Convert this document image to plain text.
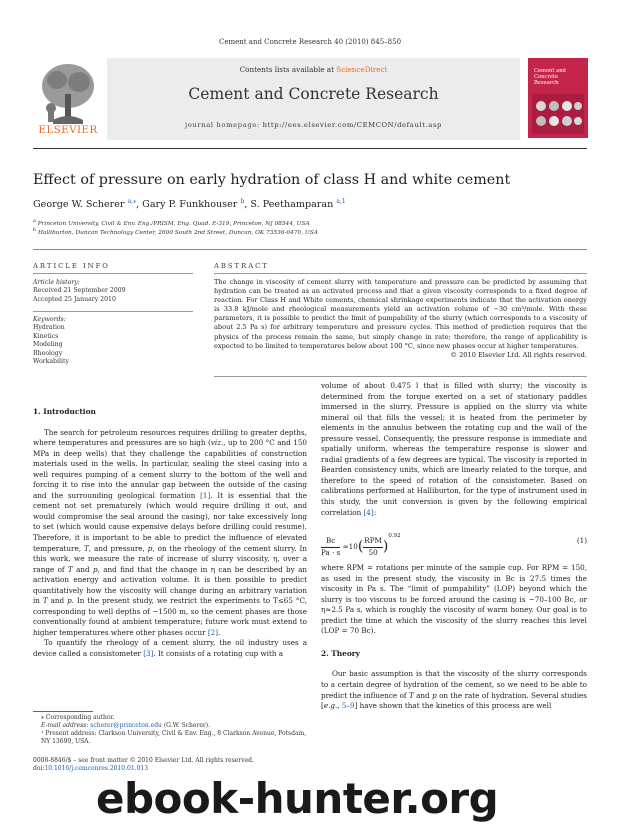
Cement and Concrete Research 40 (2010) 845–850
ELSEVIER
Contents lists available at ScienceDirect
Cement and Concrete Research
journal homepage: http://ees.elsevier.com/CEMCON/default.asp
Cement and Concrete Research
Effect of pressure on early hydration of class H and white cement
George W. Scherer $^{a,⁎}$, Gary P. Funkhouser $^b$, S. Peethamparan $^{a,1}$
$^a$ Princeton University, Civil & Env. Eng./PRISM, Eng. Quad. E-319, Princeton, NJ 08544, USA
$^b$ Halliburton, Duncan Technology Center, 2600 South 2nd Street, Duncan, OK 73536-0470, USA
ARTICLE INFO
Article history:
Received 21 September 2009
Accepted 25 January 2010
Keywords:
Hydration
Kinetics
Modeling
Rheology
Workability
ABSTRACT
The change in viscosity of cement slurry with temperature and pressure can be predicted by assuming that hydration can be treated as an activated process and that a given viscosity corresponds to a fixed degree of reaction. For Class H and White cements, chemical shrinkage experiments indicate that the activation energy is 33.8 kJ/mole and rheological measurements yield an activation volume of −30 cm³/mole. With these parameters, it is possible to predict the limit of pumpability of the slurry (which corresponds to a viscosity of about 2.5 Pa s) for arbitrary temperature and pressure cycles. This method of prediction requires that the physics of the process remain the same, but simply change in rate; therefore, the range of applicability is expected to be limited to temperatures below about 100 °C, since new phases occur at higher temperatures.
© 2010 Elsevier Ltd. All rights reserved.
1. Introduction

The search for petroleum resources requires drilling to greater depths, where temperatures and pressures are so high (viz., up to 200 °C and 150 MPa in deep wells) that they challenge the capabilities of construction materials used in the wells. In particular, sealing the steel casing into a well requires pumping of a cement slurry to the bottom of the well and forcing it to rise into the annular gap between the outside of the casing and the surrounding geological formation [1]. It is essential that the cement not set prematurely (which would require drilling it out, and would compromise the seal around the casing), nor take excessively long to set (which would cause expensive delays before drilling could resume). Therefore, it is important to be able to predict the influence of elevated temperature, T, and pressure, p, on the rheology of the cement slurry. In this work, we measure the rate of increase of slurry viscosity, η, over a range of T and p, and find that the change in η can be described by an activation energy and activation volume. It is then possible to predict quantitatively how the viscosity will change during an arbitrary variation in T and p. In the present study, we restrict the experiments to T≤65 °C, corresponding to well depths of ~1500 m, so the cement phases are those conventionally found at ambient temperature; future work must extend to higher temperatures where other phases occur [2].

To quantify the rheology of a cement slurry, the oil industry uses a device called a consistometer [3]. It consists of a rotating cup with a

⁎ Corresponding author.
E-mail address: scherer@princeton.edu (G.W. Scherer).
¹ Present address: Clarkson University, Civil & Env. Eng., 8 Clarkson Avenue, Potsdam, NY 13699, USA.
0008-8846/$ – see front matter © 2010 Elsevier Ltd. All rights reserved.
doi:10.1016/j.cemconres.2010.01.013

volume of about 0.475 l that is filled with slurry; the viscosity is determined from the torque exerted on a set of stationary paddles immersed in the slurry. Pressure is applied on the slurry via white mineral oil that fills the vessel; it is heated from the perimeter by elements in the annulus between the rotating cup and the wall of the pressure vessel. Consequently, the pressure response is immediate and spatially uniform, whereas the temperature response is slower and radial gradients of a few degrees are typical. The viscosity is reported in Bearden consistency units, which are linearly related to the torque, and therefore to the speed of rotation of the consistometer. Based on calibrations performed at Halliburton, for the type of instrument used in this study, the unit conversion is given by the following empirical correlation [4]:

$\frac{Bc}{Pa \cdot s} \approx 10( \frac{\text{RPM}}{50} )^{0.92}$	(1)

where RPM = rotations per minute of the sample cup. For RPM = 150, as used in the present study, the viscosity in Bc is 27.5 times the viscosity in Pa s. The “limit of pumpability” (LOP) beyond which the slurry is too viscous to be forced around the casing is ~70–100 Bc, or η≈2.5 Pa s, which is roughly the viscosity of warm honey. Our goal is to predict the time at which the viscosity of the slurry reaches this level (LOP = 70 Bc).

2. Theory

Our basic assumption is that the viscosity of the slurry corresponds to a certain degree of hydration of the cement, so we need to be able to predict the influence of T and p on the rate of hydration. Several studies [e.g., 5–9] have shown that the kinetics of this process are well

ebook-hunter.org
